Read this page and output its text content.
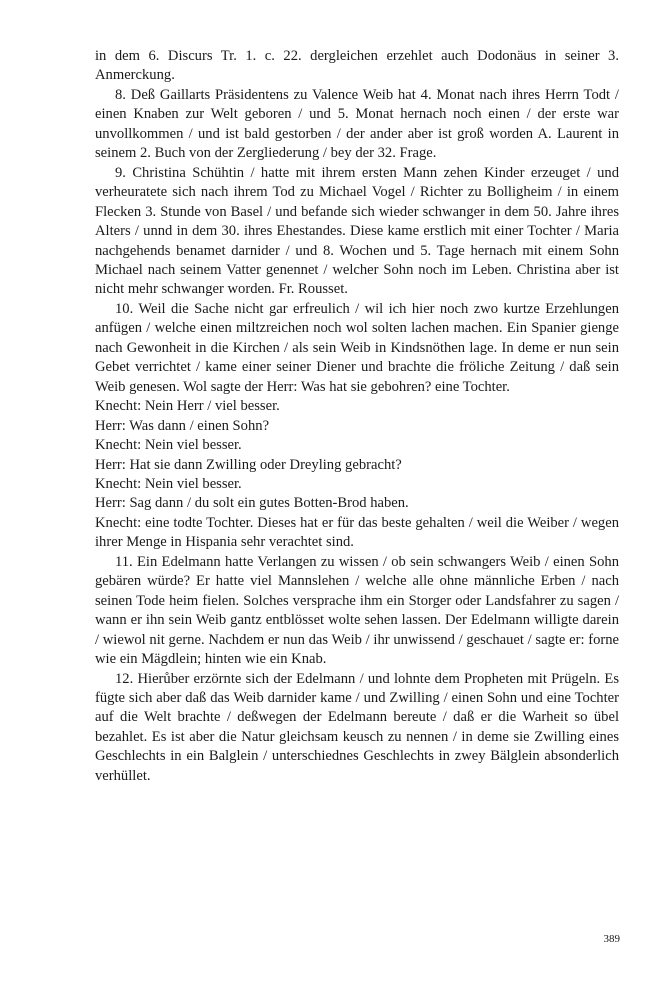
in dem 6. Discurs Tr. 1. c. 22. dergleichen erzehlet auch Dodonäus in seiner 3. Anmerckung.

8. Deß Gaillarts Präsidentens zu Valence Weib hat 4. Monat nach ihres Herrn Todt / einen Knaben zur Welt geboren / und 5. Monat hernach noch einen / der erste war unvollkommen / und ist bald gestorben / der ander aber ist groß worden A. Laurent in seinem 2. Buch von der Zergliederung / bey der 32. Frage.

9. Christina Schühtin / hatte mit ihrem ersten Mann zehen Kinder erzeuget / und verheuratete sich nach ihrem Tod zu Michael Vogel / Richter zu Bolligheim / in einem Flecken 3. Stunde von Basel / und befande sich wieder schwanger in dem 50. Jahre ihres Alters / unnd in dem 30. ihres Ehestandes. Diese kame erstlich mit einer Tochter / Maria nachgehends benamet darnider / und 8. Wochen und 5. Tage hernach mit einem Sohn Michael nach seinem Vatter genennet / welcher Sohn noch im Leben. Christina aber ist nicht mehr schwanger worden. Fr. Rousset.

10. Weil die Sache nicht gar erfreulich / wil ich hier noch zwo kurtze Erzehlungen anfügen / welche einen miltzreichen noch wol solten lachen machen. Ein Spanier gienge nach Gewonheit in die Kirchen / als sein Weib in Kindsnöthen lage. In deme er nun sein Gebet verrichtet / kame einer seiner Diener und brachte die fröliche Zeitung / daß sein Weib genesen. Wol sagte der Herr: Was hat sie gebohren? eine Tochter.

Knecht: Nein Herr / viel besser.

Herr: Was dann / einen Sohn?

Knecht: Nein viel besser.

Herr: Hat sie dann Zwilling oder Dreyling gebracht?

Knecht: Nein viel besser.

Herr: Sag dann / du solt ein gutes Botten-Brod haben.

Knecht: eine todte Tochter. Dieses hat er für das beste gehalten / weil die Weiber / wegen ihrer Menge in Hispania sehr verachtet sind.

11. Ein Edelmann hatte Verlangen zu wissen / ob sein schwangers Weib / einen Sohn gebären würde? Er hatte viel Mannslehen / welche alle ohne männliche Erben / nach seinen Tode heim fielen. Solches versprache ihm ein Storger oder Landsfahrer zu sagen / wann er ihn sein Weib gantz entblösset wolte sehen lassen. Der Edelmann willigte darein / wiewol nit gerne. Nachdem er nun das Weib / ihr unwissend / geschauet / sagte er: forne wie ein Mägdlein; hinten wie ein Knab.

12. Hierůber erzörnte sich der Edelmann / und lohnte dem Propheten mit Prügeln. Es fügte sich aber daß das Weib darnider kame / und Zwilling / einen Sohn und eine Tochter auf die Welt brachte / deßwegen der Edelmann bereute / daß er die Warheit so übel bezahlet. Es ist aber die Natur gleichsam keusch zu nennen / in deme sie Zwilling eines Geschlechts in ein Balglein / unterschiednes Geschlechts in zwey Bälglein absonderlich verhüllet.

389
